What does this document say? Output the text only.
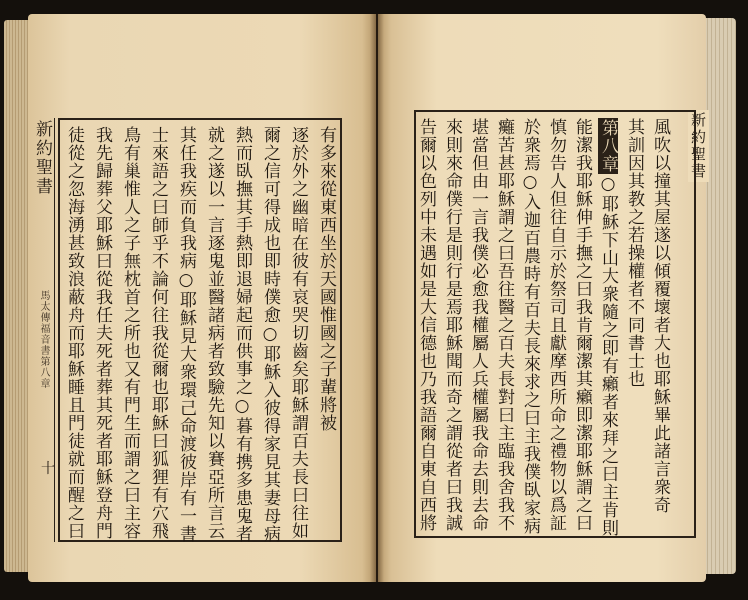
新約聖書
馬太傳福音書第八章
十
有多來從東西坐於天國惟國之子輩將被
逐於外之幽暗在彼有哀哭切齒矣耶穌謂百夫長曰往如
爾之信可得成也即時僕愈○耶穌入彼得家見其妻母病
熱而臥撫其手熱即退婦起而供事之○暮有携多患鬼者
就之遂以一言逐鬼並醫諸病者致驗先知以賽亞所言云
其任我疾而負我病○耶穌見大衆環己命渡彼岸有一書
士來語之曰師乎不論何往我從爾也耶穌曰狐狸有穴飛
鳥有巢惟人之子無枕首之所也又有門生而謂之曰主容
我先歸葬父耶穌曰從我任夫死者葬其死者耶穌登舟門
徒從之忽海湧甚致浪蔽舟而耶穌睡且門徒就而醒之曰	新約聖書
風吹以撞其屋遂以傾覆壞者大也耶穌畢此諸言衆奇
其訓因其教之若操權者不同書士也
第八章○耶穌下山大衆隨之即有癩者來拜之曰主肯則
能潔我耶穌伸手撫之曰我肯爾潔其癩即潔耶穌謂之曰
慎勿告人但往自示於祭司且獻摩西所命之禮物以爲証
於衆焉○入迦百農時有百夫長來求之曰主我僕臥家病
癱苦甚耶穌謂之曰吾往醫之百夫長對曰主臨我舍我不
堪當但由一言我僕必愈我權屬人兵權屬我命去則去命
來則來命僕行是則行是焉耶穌聞而奇之謂從者曰我誠
告爾以色列中未遇如是大信德也乃我語爾自東自西將
